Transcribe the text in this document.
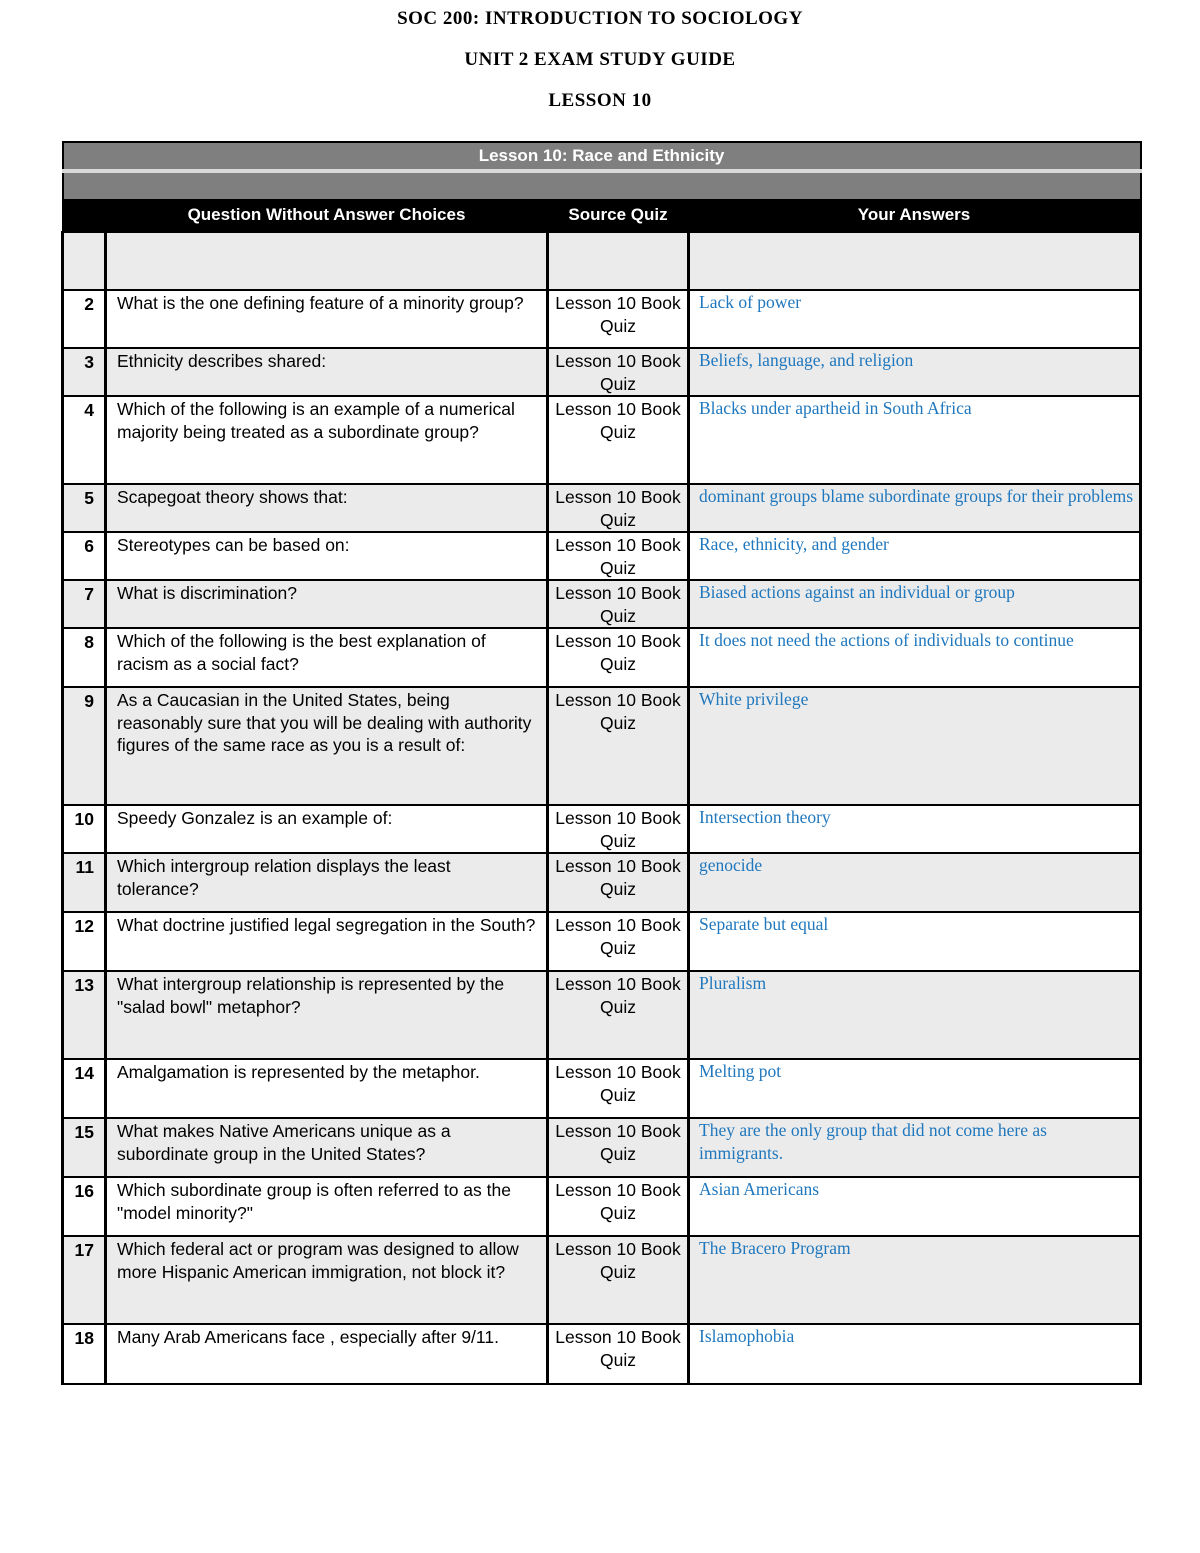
SOC 200: INTRODUCTION TO SOCIOLOGY
UNIT 2 EXAM STUDY GUIDE
LESSON 10
Lesson 10: Race and Ethnicity			

	Question Without Answer Choices	Source Quiz	Your Answers

2	What is the one defining feature of a minority group?	Lesson 10 Book Quiz	Lack of power
3	Ethnicity describes shared:	Lesson 10 Book Quiz	Beliefs, language, and religion
4	Which of the following is an example of a numerical majority being treated as a subordinate group?	Lesson 10 Book Quiz	Blacks under apartheid in South Africa
5	Scapegoat theory shows that:	Lesson 10 Book Quiz	dominant groups blame subordinate groups for their problems
6	Stereotypes can be based on:	Lesson 10 Book Quiz	Race, ethnicity, and gender
7	What is discrimination?	Lesson 10 Book Quiz	Biased actions against an individual or group
8	Which of the following is the best explanation of racism as a social fact?	Lesson 10 Book Quiz	It does not need the actions of individuals to continue
9	As a Caucasian in the United States, being reasonably sure that you will be dealing with authority figures of the same race as you is a result of:	Lesson 10 Book Quiz	White privilege
10	Speedy Gonzalez is an example of:	Lesson 10 Book Quiz	Intersection theory
11	Which intergroup relation displays the least tolerance?	Lesson 10 Book Quiz	genocide
12	What doctrine justified legal segregation in the South?	Lesson 10 Book Quiz	Separate but equal
13	What intergroup relationship is represented by the "salad bowl" metaphor?	Lesson 10 Book Quiz	Pluralism
14	Amalgamation is represented by the metaphor.	Lesson 10 Book Quiz	Melting pot
15	What makes Native Americans unique as a subordinate group in the United States?	Lesson 10 Book Quiz	They are the only group that did not come here as immigrants.
16	Which subordinate group is often referred to as the "model minority?"	Lesson 10 Book Quiz	Asian Americans
17	Which federal act or program was designed to allow more Hispanic American immigration, not block it?	Lesson 10 Book Quiz	The Bracero Program
18	Many Arab Americans face , especially after 9/11.	Lesson 10 Book Quiz	Islamophobia
